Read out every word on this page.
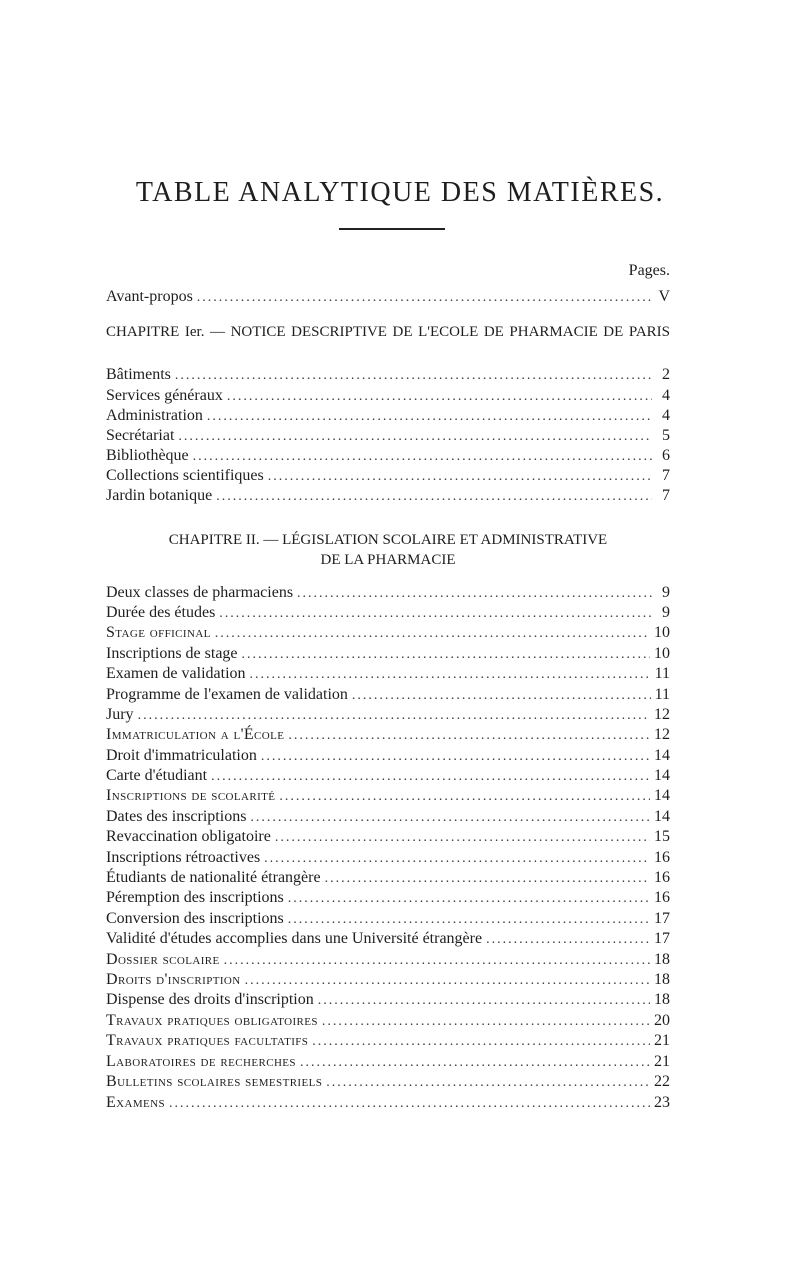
TABLE ANALYTIQUE DES MATIÈRES.
Pages.
Avant-propos .....	V
CHAPITRE Ier. — NOTICE DESCRIPTIVE DE L'ECOLE DE PHARMACIE DE PARIS
Bâtiments .....	2
Services généraux .....	4
Administration .....	4
Secrétariat .....	5
Bibliothèque .....	6
Collections scientifiques .....	7
Jardin botanique .....	7
CHAPITRE II. — LÉGISLATION SCOLAIRE ET ADMINISTRATIVE
DE LA PHARMACIE
Deux classes de pharmaciens .....	9
Durée des études .....	9
Stage officinal .....	10
Inscriptions de stage .....	10
Examen de validation .....	11
Programme de l'examen de validation .....	11
Jury .....	12
Immatriculation a l'École .....	12
Droit d'immatriculation .....	14
Carte d'étudiant .....	14
Inscriptions de scolarité .....	14
Dates des inscriptions .....	14
Revaccination obligatoire .....	15
Inscriptions rétroactives .....	16
Étudiants de nationalité étrangère .....	16
Péremption des inscriptions .....	16
Conversion des inscriptions .....	17
Validité d'études accomplies dans une Université étrangère .....	17
Dossier scolaire .....	18
Droits d'inscription .....	18
Dispense des droits d'inscription .....	18
Travaux pratiques obligatoires .....	20
Travaux pratiques facultatifs .....	21
Laboratoires de recherches .....	21
Bulletins scolaires semestriels .....	22
Examens .....	23
